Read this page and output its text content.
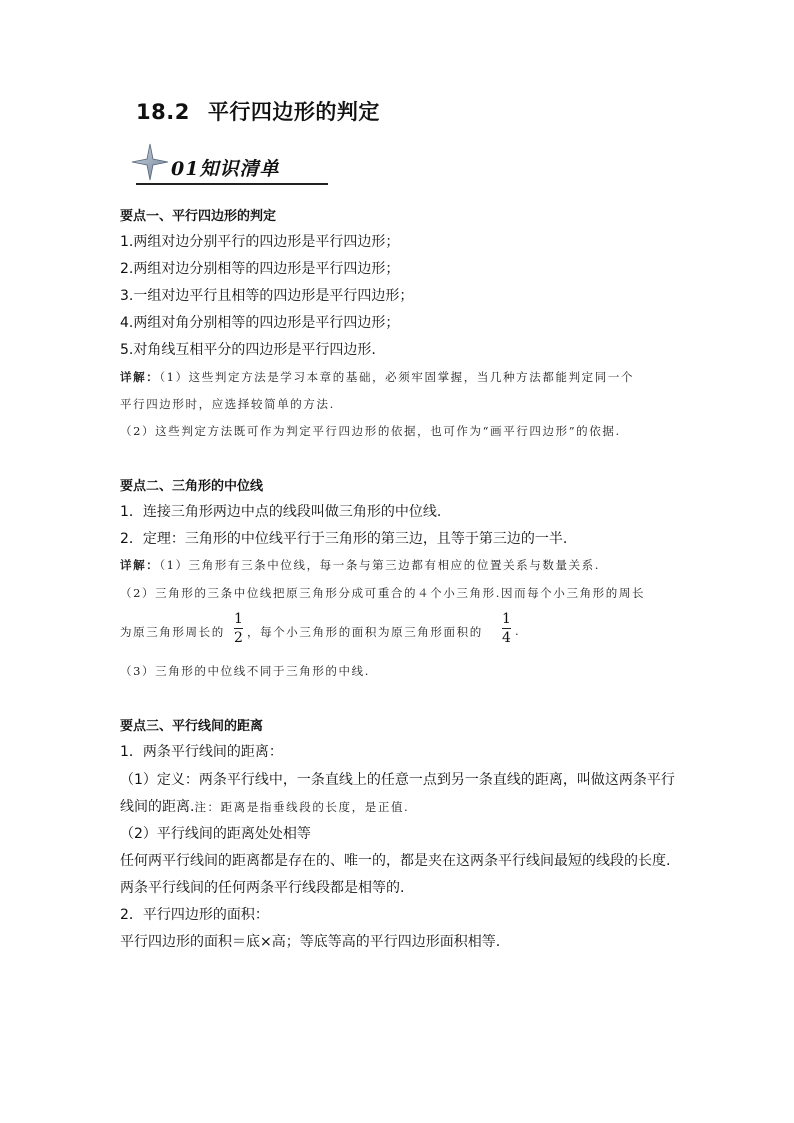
18.2 平行四边形的判定
01知识清单
要点一、平行四边形的判定
1.两组对边分别平行的四边形是平行四边形；
2.两组对边分别相等的四边形是平行四边形；
3.一组对边平行且相等的四边形是平行四边形；
4.两组对角分别相等的四边形是平行四边形；
5.对角线互相平分的四边形是平行四边形.
详解：（1）这些判定方法是学习本章的基础，必须牢固掌握，当几种方法都能判定同一个
平行四边形时，应选择较简单的方法.
（2）这些判定方法既可作为判定平行四边形的依据，也可作为“画平行四边形”的依据.
要点二、三角形的中位线
1．连接三角形两边中点的线段叫做三角形的中位线.
2．定理：三角形的中位线平行于三角形的第三边，且等于第三边的一半.
详解：（1）三角形有三条中位线，每一条与第三边都有相应的位置关系与数量关系.
（2）三角形的三条中位线把原三角形分成可重合的４个小三角形.因而每个小三角形的周长
为原三角形周长的
1
2 ，每个小三角形的面积为原三角形面积的
1
4 .
（3）三角形的中位线不同于三角形的中线.
要点三、平行线间的距离
1．两条平行线间的距离：
（1）定义：两条平行线中，一条直线上的任意一点到另一条直线的距离，叫做这两条平行
线间的距离.注：距离是指垂线段的长度，是正值.
（2）平行线间的距离处处相等
任何两平行线间的距离都是存在的、唯一的，都是夹在这两条平行线间最短的线段的长度.
两条平行线间的任何两条平行线段都是相等的.
2．平行四边形的面积：
平行四边形的面积＝底×高；等底等高的平行四边形面积相等.
